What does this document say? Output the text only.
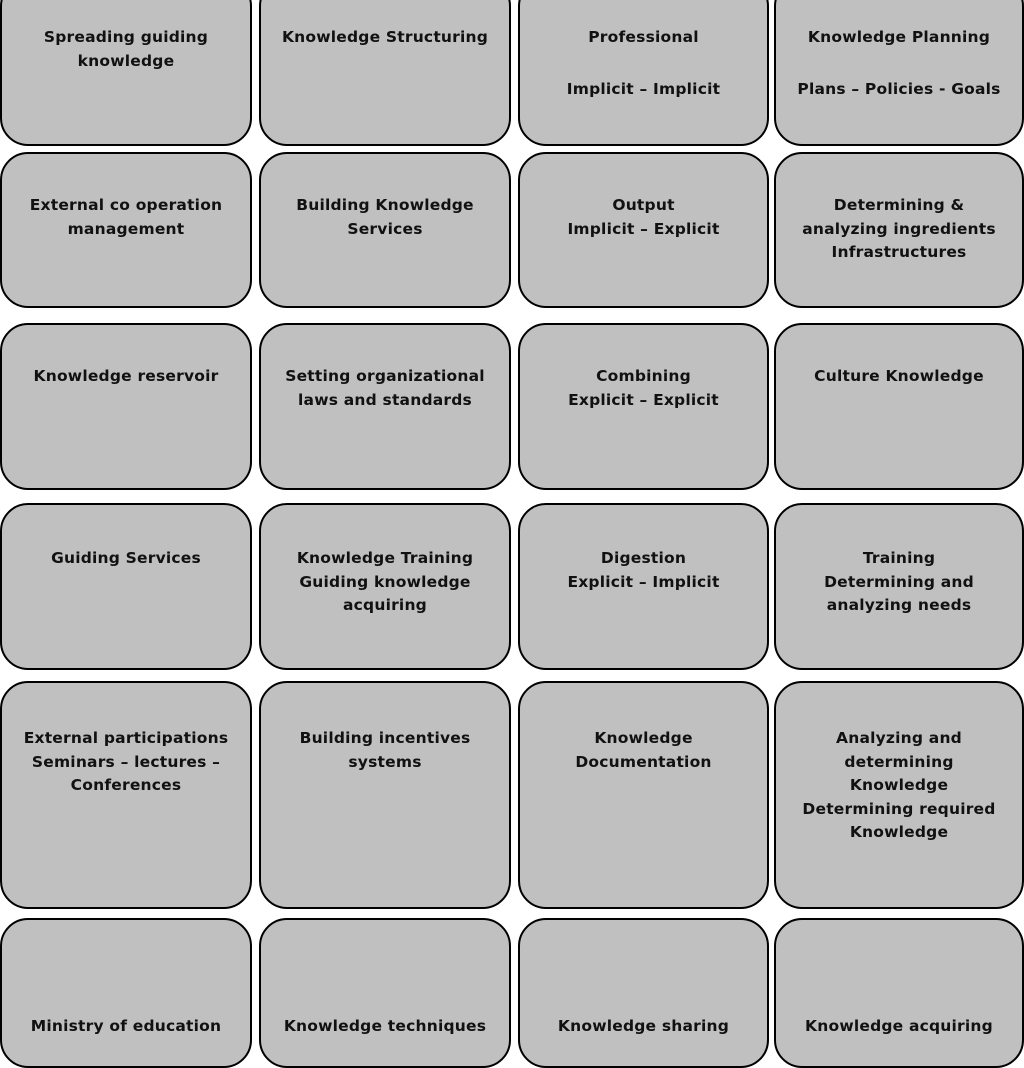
Spreading guiding
knowledge
Knowledge Structuring	Professional
Implicit – Implicit
Knowledge Planning
Plans – Policies - Goals
External co operation
management
Building Knowledge
Services
Output
Implicit – Explicit
Determining &
analyzing ingredients
Infrastructures
Knowledge reservoir	Setting organizational
laws and standards
Combining
Explicit – Explicit
Culture Knowledge
Guiding Services	Knowledge Training
Guiding knowledge
acquiring
Digestion
Explicit – Implicit
Training
Determining and
analyzing needs
External participations
Seminars – lectures –
Conferences
Building incentives
systems
Knowledge
Documentation
Analyzing and
determining
Knowledge
Determining required
Knowledge
Ministry of education	Knowledge techniques	Knowledge sharing	Knowledge acquiring
